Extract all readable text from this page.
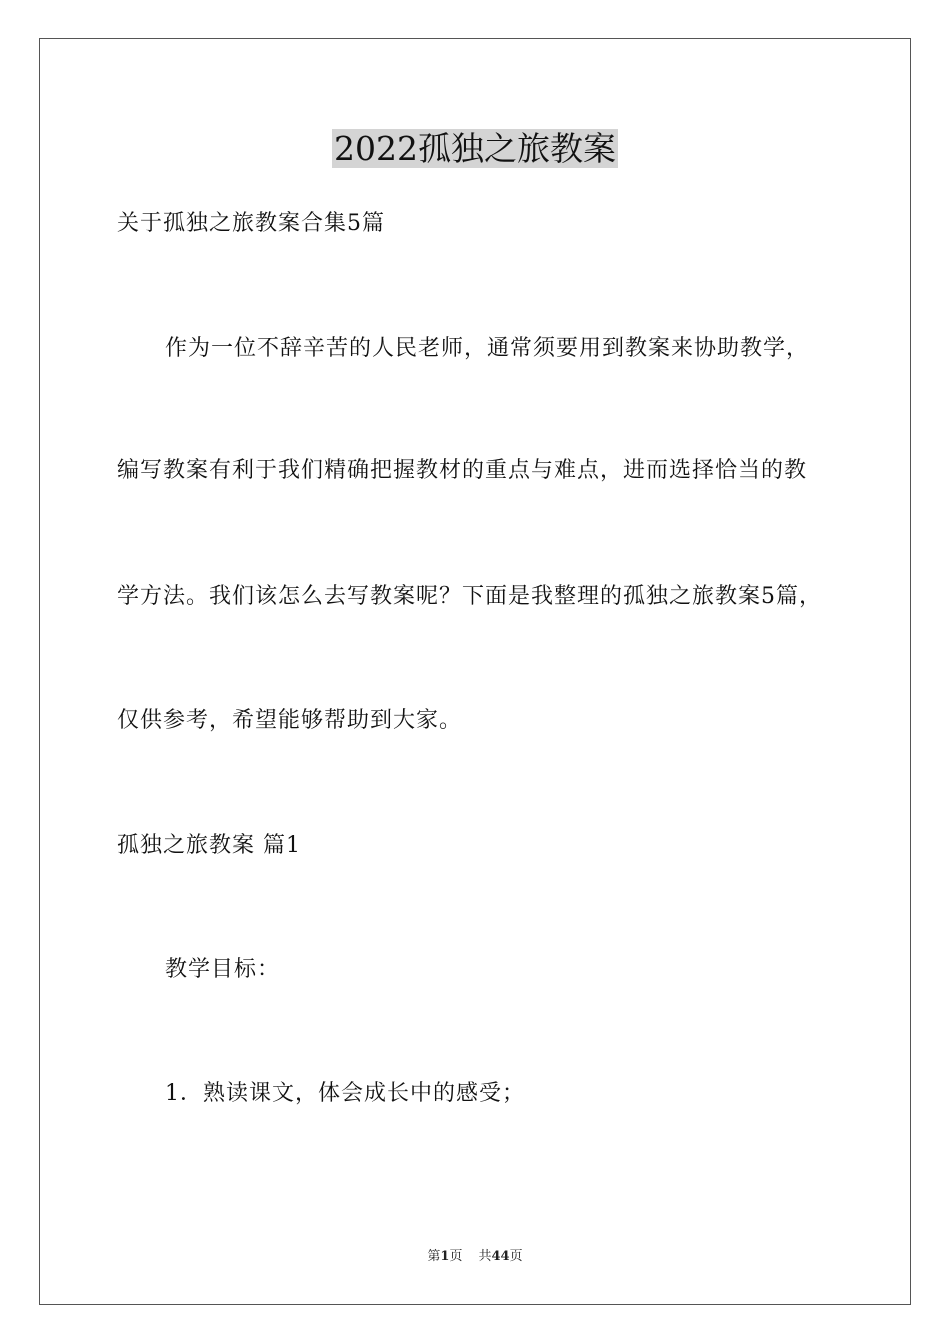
2022孤独之旅教案
关于孤独之旅教案合集5篇
作为一位不辞辛苦的人民老师，通常须要用到教案来协助教学，
编写教案有利于我们精确把握教材的重点与难点，进而选择恰当的教
学方法。我们该怎么去写教案呢？下面是我整理的孤独之旅教案5篇，
仅供参考，希望能够帮助到大家。
孤独之旅教案 篇1
教学目标：
1．熟读课文，体会成长中的感受；
第1页 共44页
